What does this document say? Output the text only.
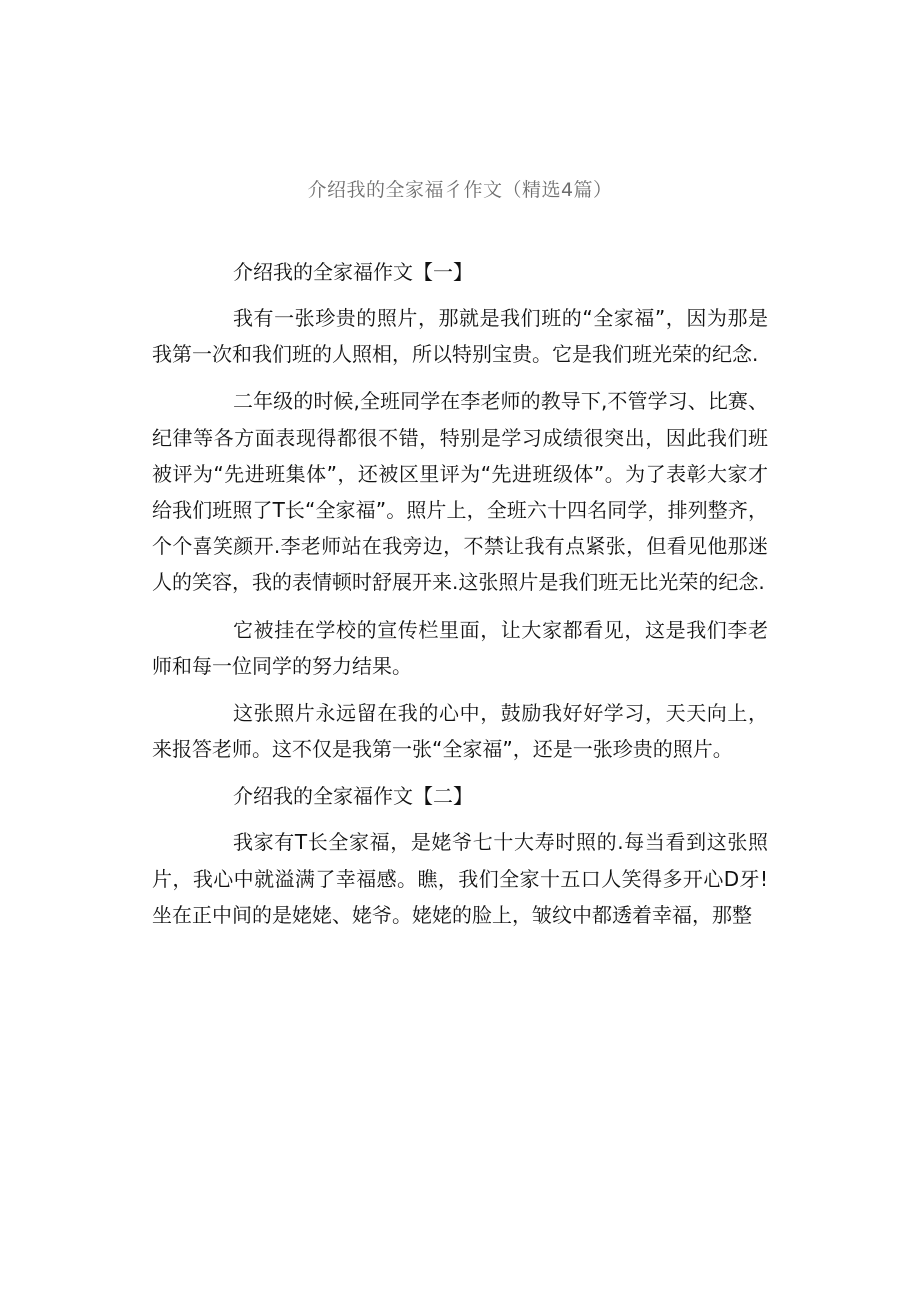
介绍我的全家福彳作文（精选4篇）
介绍我的全家福作文【一】

我有一张珍贵的照片，那就是我们班的“全家福”，因为那是我第一次和我们班的人照相，所以特别宝贵。它是我们班光荣的纪念.

二年级的时候,全班同学在李老师的教导下,不管学习、比赛、纪律等各方面表现得都很不错，特别是学习成绩很突出，因此我们班被评为“先进班集体”，还被区里评为“先进班级体”。为了表彰大家才给我们班照了T长“全家福”。照片上，全班六十四名同学，排列整齐，个个喜笑颜开.李老师站在我旁边，不禁让我有点紧张，但看见他那迷人的笑容，我的表情顿时舒展开来.这张照片是我们班无比光荣的纪念.

它被挂在学校的宣传栏里面，让大家都看见，这是我们李老师和每一位同学的努力结果。

这张照片永远留在我的心中，鼓励我好好学习，天天向上，来报答老师。这不仅是我第一张“全家福”，还是一张珍贵的照片。

介绍我的全家福作文【二】

我家有T长全家福，是姥爷七十大寿时照的.每当看到这张照片，我心中就溢满了幸福感。瞧，我们全家十五口人笑得多开心D牙!坐在正中间的是姥姥、姥爷。姥姥的脸上，皱纹中都透着幸福，那整
